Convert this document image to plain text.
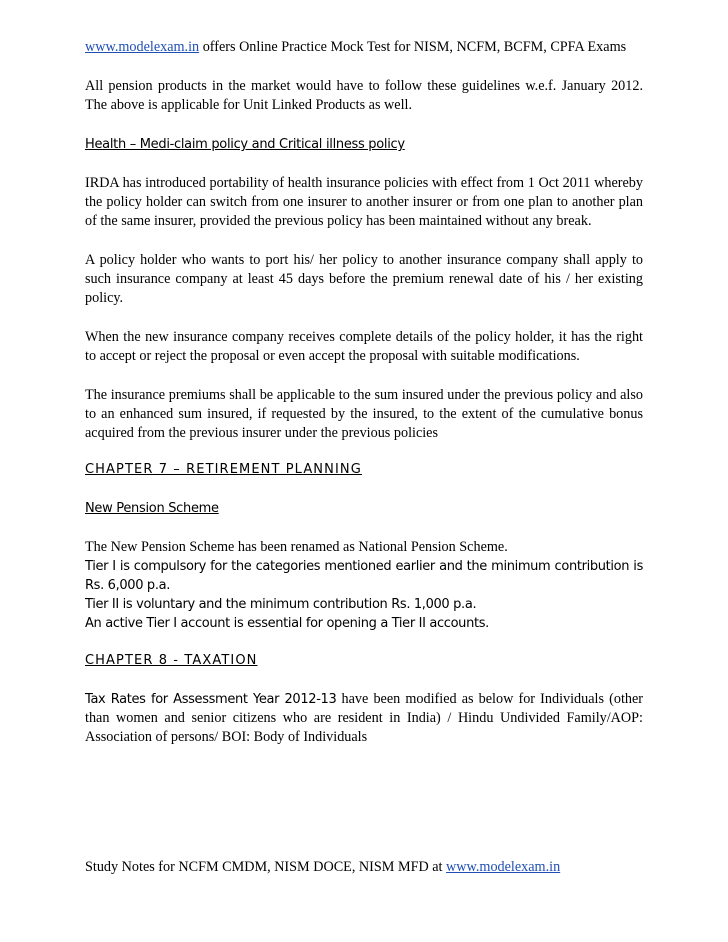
www.modelexam.in offers Online Practice Mock Test for NISM, NCFM, BCFM, CPFA Exams

All pension products in the market would have to follow these guidelines w.e.f. January 2012. The above is applicable for Unit Linked Products as well.

Health – Medi-claim policy and Critical illness policy

IRDA has introduced portability of health insurance policies with effect from 1 Oct 2011 whereby the policy holder can switch from one insurer to another insurer or from one plan to another plan of the same insurer, provided the previous policy has been maintained without any break.

A policy holder who wants to port his/ her policy to another insurance company shall apply to such insurance company at least 45 days before the premium renewal date of his / her existing policy.

When the new insurance company receives complete details of the policy holder, it has the right to accept or reject the proposal or even accept the proposal with suitable modifications.

The insurance premiums shall be applicable to the sum insured under the previous policy and also to an enhanced sum insured, if requested by the insured, to the extent of the cumulative bonus acquired from the previous insurer under the previous policies

CHAPTER 7 – RETIREMENT PLANNING

New Pension Scheme

The New Pension Scheme has been renamed as National Pension Scheme.

Tier I is compulsory for the categories mentioned earlier and the minimum contribution is Rs. 6,000 p.a.

Tier II is voluntary and the minimum contribution Rs. 1,000 p.a.

An active Tier I account is essential for opening a Tier II accounts.

CHAPTER 8 - TAXATION

Tax Rates for Assessment Year 2012-13 have been modified as below for Individuals (other than women and senior citizens who are resident in India) / Hindu Undivided Family/AOP: Association of persons/ BOI: Body of Individuals

Study Notes for NCFM CMDM, NISM DOCE, NISM MFD at www.modelexam.in
